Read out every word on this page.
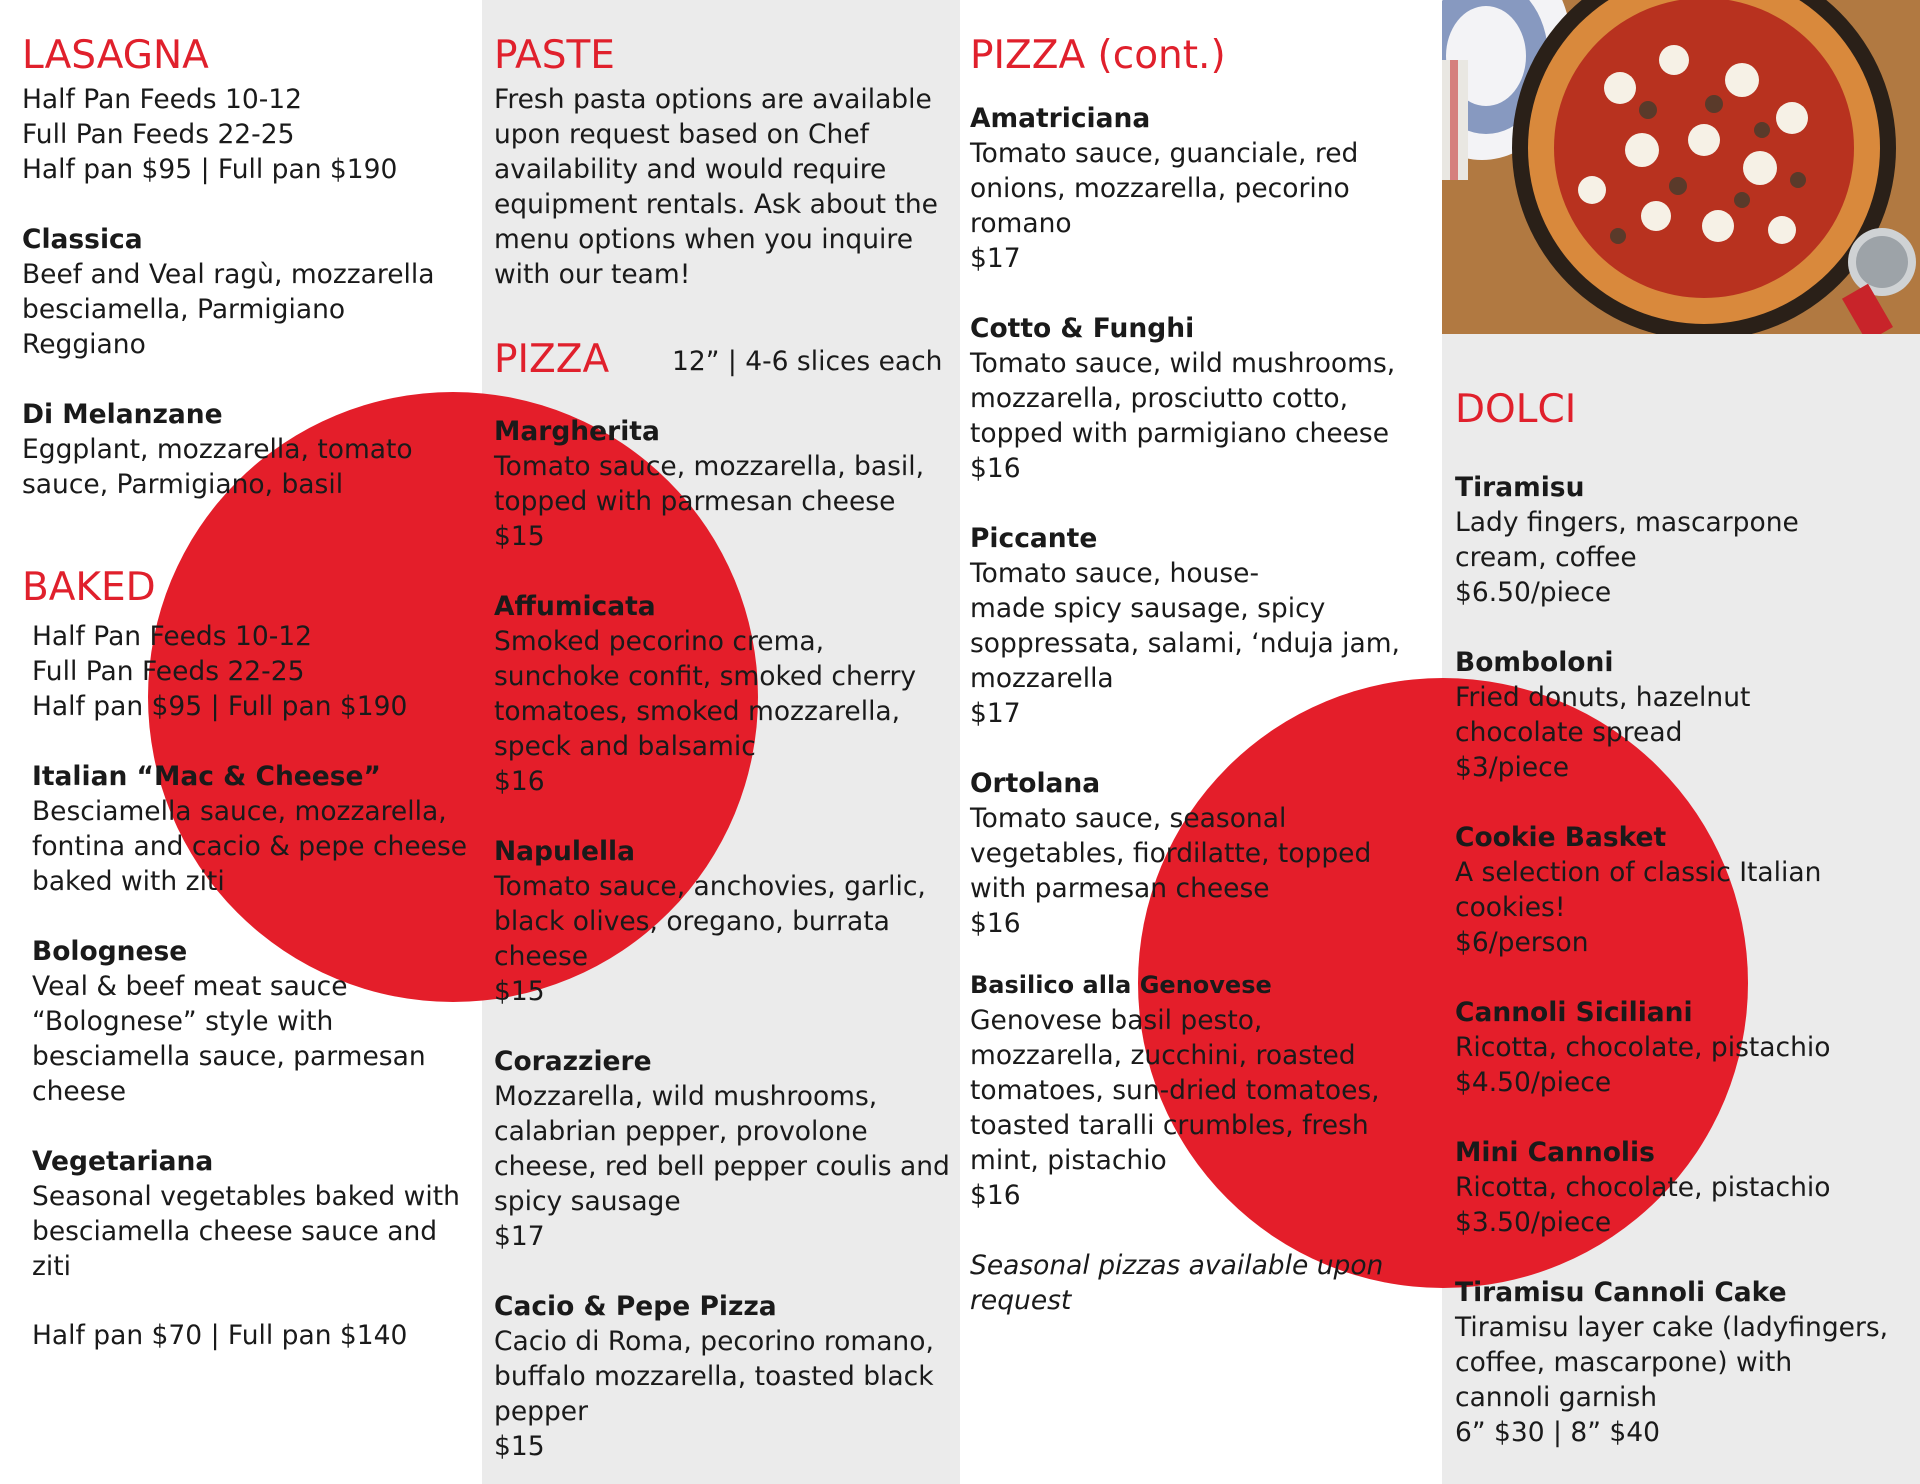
LASAGNA

Half Pan Feeds 10-12

Full Pan Feeds 22-25

Half pan $95 | Full pan $190

Classica

Beef and Veal ragù, mozzarella

besciamella, Parmigiano

Reggiano

Di Melanzane

Eggplant, mozzarella, tomato

sauce, Parmigiano, basil

BAKED

Half Pan Feeds 10-12

Full Pan Feeds 22-25

Half pan $95 | Full pan $190

Italian “Mac & Cheese”

Besciamella sauce, mozzarella,

fontina and cacio & pepe cheese

baked with ziti

Bolognese

Veal & beef meat sauce

“Bolognese” style with

besciamella sauce, parmesan

cheese

Vegetariana

Seasonal vegetables baked with

besciamella cheese sauce and

ziti

Half pan $70 | Full pan $140

PASTE

Fresh pasta options are available

upon request based on Chef

availability and would require

equipment rentals. Ask about the

menu options when you inquire

with our team!

PIZZA 12” | 4-6 slices each

Margherita

Tomato sauce, mozzarella, basil,

topped with parmesan cheese

$15

Affumicata

Smoked pecorino crema,

sunchoke confit, smoked cherry

tomatoes, smoked mozzarella,

speck and balsamic

$16

Napulella

Tomato sauce, anchovies, garlic,

black olives, oregano, burrata

cheese

$15

Corazziere

Mozzarella, wild mushrooms,

calabrian pepper, provolone

cheese, red bell pepper coulis and

spicy sausage

$17

Cacio & Pepe Pizza

Cacio di Roma, pecorino romano,

buffalo mozzarella, toasted black

pepper

$15

PIZZA (cont.)

Amatriciana

Tomato sauce, guanciale, red

onions, mozzarella, pecorino

romano

$17

Cotto & Funghi

Tomato sauce, wild mushrooms,

mozzarella, prosciutto cotto,

topped with parmigiano cheese

$16

Piccante

Tomato sauce, house-

made spicy sausage, spicy

soppressata, salami, ‘nduja jam,

mozzarella

$17

Ortolana

Tomato sauce, seasonal

vegetables, fiordilatte, topped

with parmesan cheese

$16

Basilico alla Genovese

Genovese basil pesto,

mozzarella, zucchini, roasted

tomatoes, sun-dried tomatoes,

toasted taralli crumbles, fresh

mint, pistachio

$16

Seasonal pizzas available upon

request

DOLCI

Tiramisu

Lady fingers, mascarpone

cream, coffee

$6.50/piece

Bomboloni

Fried donuts, hazelnut

chocolate spread

$3/piece

Cookie Basket

A selection of classic Italian

cookies!

$6/person

Cannoli Siciliani

Ricotta, chocolate, pistachio

$4.50/piece

Mini Cannolis

Ricotta, chocolate, pistachio

$3.50/piece

Tiramisu Cannoli Cake

Tiramisu layer cake (ladyfingers,

coffee, mascarpone) with

cannoli garnish

6” $30 | 8” $40
